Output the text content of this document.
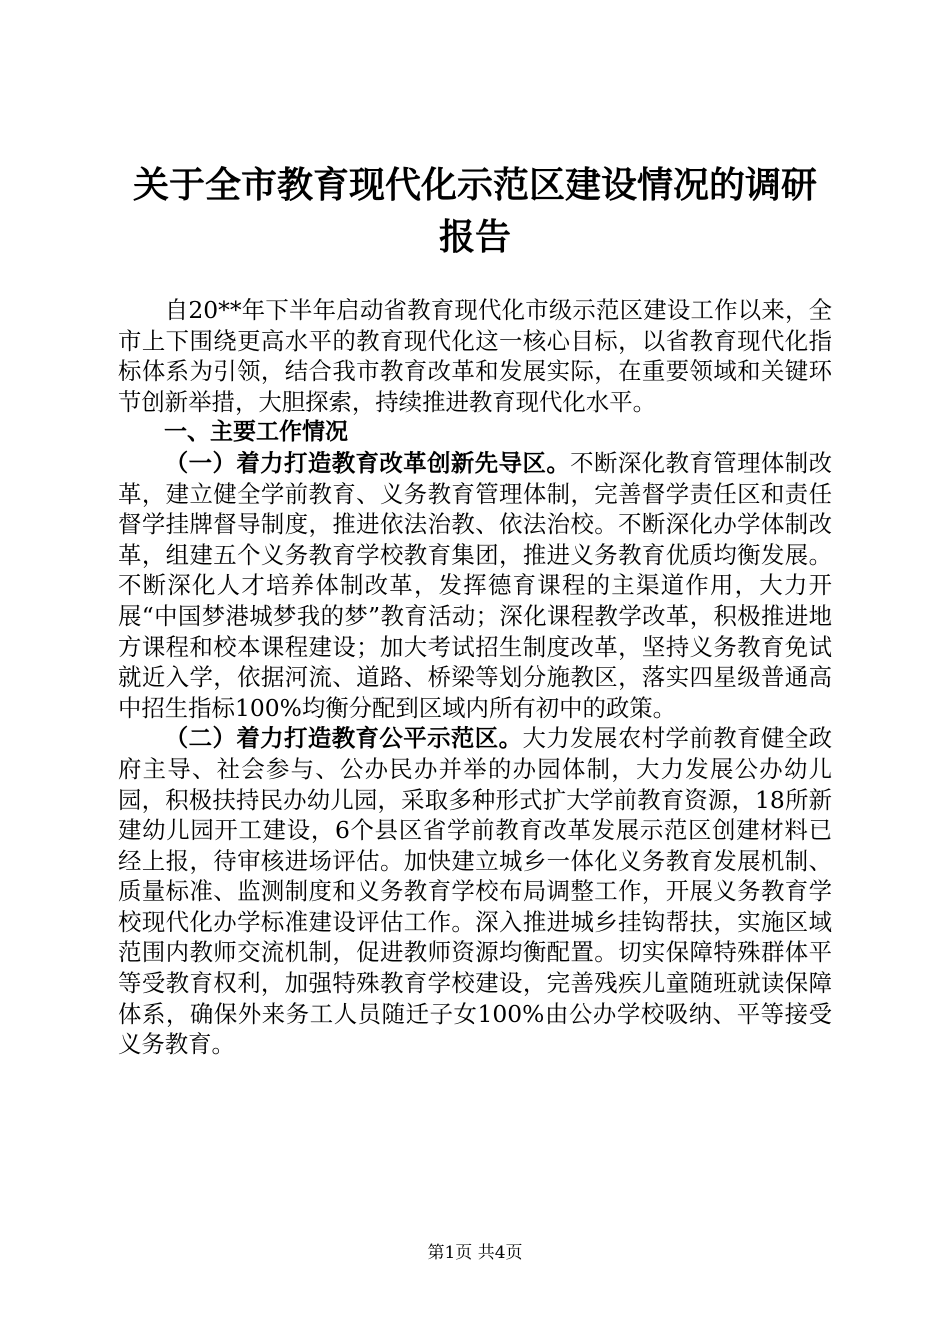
关于全市教育现代化示范区建设情况的调研报告

自20**年下半年启动省教育现代化市级示范区建设工作以来，全市上下围绕更高水平的教育现代化这一核心目标，以省教育现代化指标体系为引领，结合我市教育改革和发展实际，在重要领域和关键环节创新举措，大胆探索，持续推进教育现代化水平。

一、主要工作情况

（一）着力打造教育改革创新先导区。不断深化教育管理体制改革，建立健全学前教育、义务教育管理体制，完善督学责任区和责任督学挂牌督导制度，推进依法治教、依法治校。不断深化办学体制改革，组建五个义务教育学校教育集团，推进义务教育优质均衡发展。不断深化人才培养体制改革，发挥德育课程的主渠道作用，大力开展“中国梦港城梦我的梦”教育活动；深化课程教学改革，积极推进地方课程和校本课程建设；加大考试招生制度改革，坚持义务教育免试就近入学，依据河流、道路、桥梁等划分施教区，落实四星级普通高中招生指标100%均衡分配到区域内所有初中的政策。

（二）着力打造教育公平示范区。大力发展农村学前教育健全政府主导、社会参与、公办民办并举的办园体制，大力发展公办幼儿园，积极扶持民办幼儿园，采取多种形式扩大学前教育资源，18所新建幼儿园开工建设，6个县区省学前教育改革发展示范区创建材料已经上报，待审核进场评估。加快建立城乡一体化义务教育发展机制、质量标准、监测制度和义务教育学校布局调整工作，开展义务教育学校现代化办学标准建设评估工作。深入推进城乡挂钩帮扶，实施区域范围内教师交流机制，促进教师资源均衡配置。切实保障特殊群体平等受教育权利，加强特殊教育学校建设，完善残疾儿童随班就读保障体系，确保外来务工人员随迁子女100%由公办学校吸纳、平等接受义务教育。

第1页 共4页
